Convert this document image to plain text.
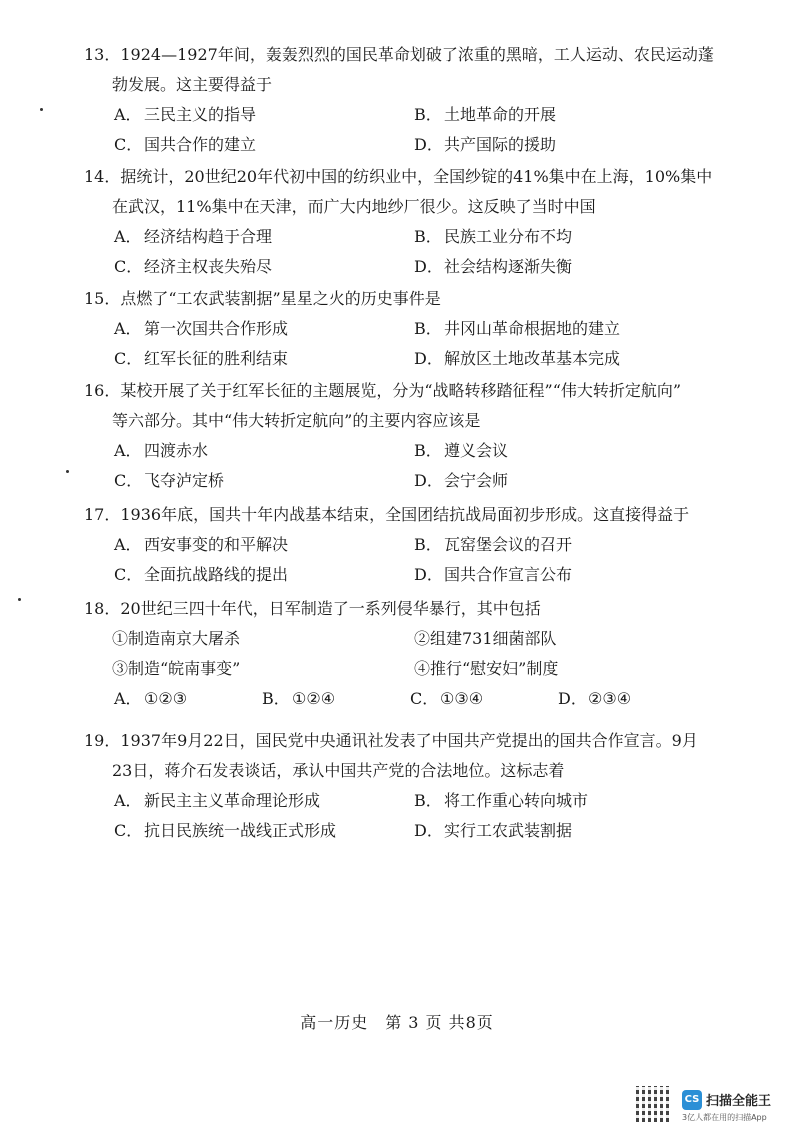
13．1924—1927年间，轰轰烈烈的国民革命划破了浓重的黑暗，工人运动、农民运动蓬
勃发展。这主要得益于
A． 三民主义的指导	B． 土地革命的开展
C． 国共合作的建立	D．共产国际的援助
14．据统计，20世纪20年代初中国的纺织业中，全国纱锭的41%集中在上海，10%集中
在武汉，11%集中在天津，而广大内地纱厂很少。这反映了当时中国
A． 经济结构趋于合理	B． 民族工业分布不均
C． 经济主权丧失殆尽	D．社会结构逐渐失衡
15．点燃了“工农武装割据”星星之火的历史事件是
A． 第一次国共合作形成	B． 井冈山革命根据地的建立
C． 红军长征的胜利结束	D．解放区土地改革基本完成
16．某校开展了关于红军长征的主题展览，分为“战略转移踏征程”“伟大转折定航向”
等六部分。其中“伟大转折定航向”的主要内容应该是
A． 四渡赤水	B． 遵义会议
C． 飞夺泸定桥	D．会宁会师
17．1936年底，国共十年内战基本结束，全国团结抗战局面初步形成。这直接得益于
A． 西安事变的和平解决	B． 瓦窑堡会议的召开
C． 全面抗战路线的提出	D．国共合作宣言公布
18．20世纪三四十年代，日军制造了一系列侵华暴行，其中包括
①制造南京大屠杀	②组建731细菌部队
③制造“皖南事变”	④推行“慰安妇”制度
A． ①②③	B． ①②④	C． ①③④	D．②③④
19．1937年9月22日，国民党中央通讯社发表了中国共产党提出的国共合作宣言。9月
23日，蒋介石发表谈话，承认中国共产党的合法地位。这标志着
A． 新民主主义革命理论形成	B． 将工作重心转向城市
C． 抗日民族统一战线正式形成	D．实行工农武装割据
高一历史　第 3 页 共8页
CS 扫描全能王
3亿人都在用的扫描App
